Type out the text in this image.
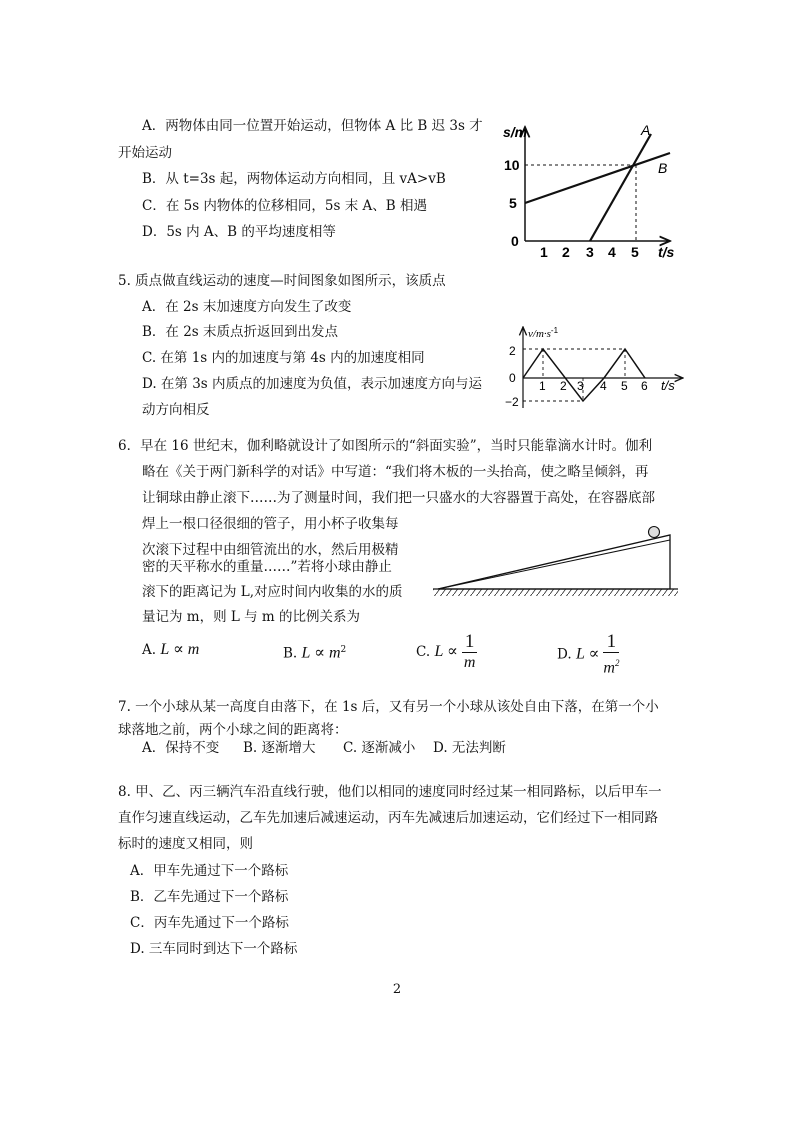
A．两物体由同一位置开始运动，但物体 A 比 B 迟 3s 才
开始运动
B．从 t=3s 起，两物体运动方向相同，且 vA>vB
C．在 5s 内物体的位移相同，5s 末 A、B 相遇
D．5s 内 A、B 的平均速度相等
s/m
10
5
0
1 2 3 4 5 t/s
A
B
5. 质点做直线运动的速度—时间图象如图所示，该质点
A．在 2s 末加速度方向发生了改变
B．在 2s 末质点折返回到出发点
C. 在第 1s 内的加速度与第 4s 内的加速度相同
D. 在第 3s 内质点的加速度为负值，表示加速度方向与运
动方向相反
$v/m\cdot s^{-1}$
2
0
−2
1 2 3 4 5 6 t/s
6．早在 16 世纪末，伽利略就设计了如图所示的“斜面实验”，当时只能靠滴水计时。伽利
略在《关于两门新科学的对话》中写道：“我们将木板的一头抬高，使之略呈倾斜，再
让铜球由静止滚下……为了测量时间，我们把一只盛水的大容器置于高处，在容器底部
焊上一根口径很细的管子，用小杯子收集每
次滚下过程中由细管流出的水，然后用极精
密的天平称水的重量……”若将小球由静止
滚下的距离记为 L,对应时间内收集的水的质
量记为 m，则 L 与 m 的比例关系为
A. L ∝ m	B. $L \propto m^2$	C. $L \propto \frac{1}{m}$	D. $L \propto \frac{1}{m^2}$
7. 一个小球从某一高度自由落下，在 1s 后，又有另一个小球从该处自由下落，在第一个小
球落地之前，两个小球之间的距离将：
A．保持不变 B. 逐渐增大 C. 逐渐减小 D. 无法判断
8. 甲、乙、丙三辆汽车沿直线行驶，他们以相同的速度同时经过某一相同路标，以后甲车一
直作匀速直线运动，乙车先加速后减速运动，丙车先减速后加速运动，它们经过下一相同路
标时的速度又相同，则
A．甲车先通过下一个路标
B．乙车先通过下一个路标
C．丙车先通过下一个路标
D. 三车同时到达下一个路标
2
